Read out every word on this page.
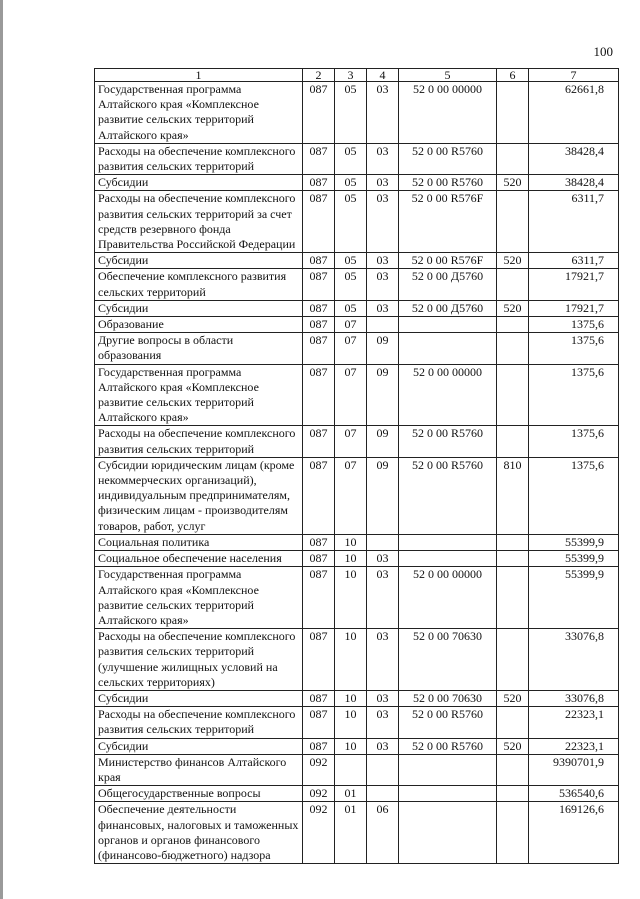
100
1	2	3	4	5	6	7
Государственная программа Алтайского края «Комплексное развитие сельских территорий Алтайского края»	087	05	03	52 0 00 00000		62661,8
Расходы на обеспечение комплексного развития сельских территорий	087	05	03	52 0 00 R5760		38428,4
Субсидии	087	05	03	52 0 00 R5760	520	38428,4
Расходы на обеспечение комплексного развития сельских территорий за счет средств резервного фонда Правительства Российской Федерации	087	05	03	52 0 00 R576F		6311,7
Субсидии	087	05	03	52 0 00 R576F	520	6311,7
Обеспечение комплексного развития сельских территорий	087	05	03	52 0 00 Д5760		17921,7
Субсидии	087	05	03	52 0 00 Д5760	520	17921,7
Образование	087	07				1375,6
Другие вопросы в области образования	087	07	09			1375,6
Государственная программа Алтайского края «Комплексное развитие сельских территорий Алтайского края»	087	07	09	52 0 00 00000		1375,6
Расходы на обеспечение комплексного развития сельских территорий	087	07	09	52 0 00 R5760		1375,6
Субсидии юридическим лицам (кроме некоммерческих организаций), индивидуальным предпринимателям, физическим лицам - производителям товаров, работ, услуг	087	07	09	52 0 00 R5760	810	1375,6
Социальная политика	087	10				55399,9
Социальное обеспечение населения	087	10	03			55399,9
Государственная программа Алтайского края «Комплексное развитие сельских территорий Алтайского края»	087	10	03	52 0 00 00000		55399,9
Расходы на обеспечение комплексного развития сельских территорий (улучшение жилищных условий на сельских территориях)	087	10	03	52 0 00 70630		33076,8
Субсидии	087	10	03	52 0 00 70630	520	33076,8
Расходы на обеспечение комплексного развития сельских территорий	087	10	03	52 0 00 R5760		22323,1
Субсидии	087	10	03	52 0 00 R5760	520	22323,1
Министерство финансов Алтайского края	092					9390701,9
Общегосударственные вопросы	092	01				536540,6
Обеспечение деятельности финансовых, налоговых и таможенных органов и органов финансового (финансово-бюджетного) надзора	092	01	06			169126,6
